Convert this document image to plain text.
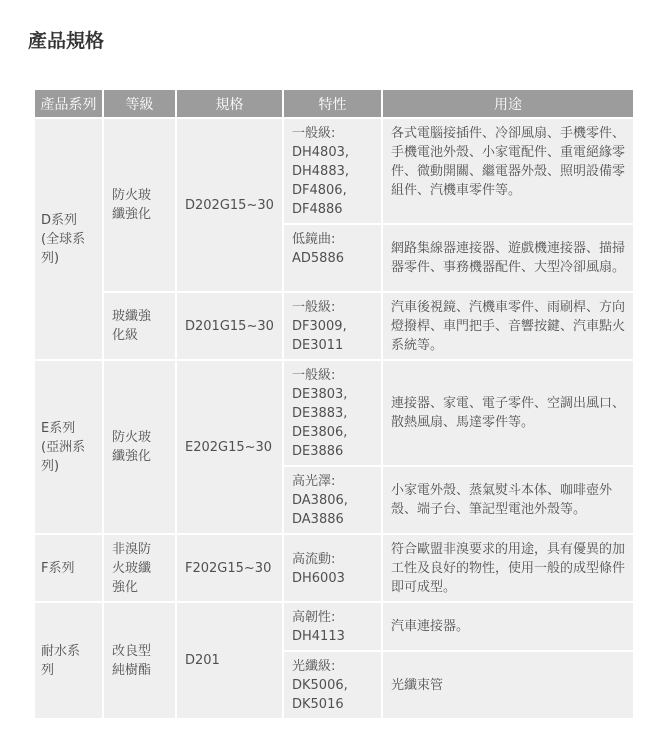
產品規格
產品系列	等級	規格	特性	用途
D系列
(全球系
列)	防火玻
纖強化	D202G15~30	一般級:
DH4803,
DH4883,
DF4806,
DF4886	各式電腦接插件、冷卻風扇、手機零件、手機電池外殼、小家電配件、重電絕緣零件、微動開關、繼電器外殼、照明設備零組件、汽機車零件等。
			低鏡曲:
AD5886	網路集線器連接器、遊戲機連接器、描掃器零件、事務機器配件、大型冷卻風扇。
	玻纖強
化級	D201G15~30	一般級:
DF3009,
DE3011	汽車後視鏡、汽機車零件、雨刷桿、方向燈撥桿、車門把手、音響按鍵、汽車點火系統等。
E系列
(亞洲系
列)	防火玻
纖強化	E202G15~30	一般級:
DE3803,
DE3883,
DE3806,
DE3886	連接器、家電、電子零件、空調出風口、散熱風扇、馬達零件等。
			高光澤:
DA3806,
DA3886	小家電外殼、蒸氣熨斗本体、咖啡壺外殼、端子台、筆記型電池外殼等。
F系列	非溴防
火玻纖
強化	F202G15~30	高流動:
DH6003	符合歐盟非溴要求的用途，具有優異的加工性及良好的物性，使用一般的成型條件即可成型。
耐水系
列	改良型
純樹酯	D201	高韌性:
DH4113	汽車連接器。
			光纖級:
DK5006,
DK5016	光纖束管
